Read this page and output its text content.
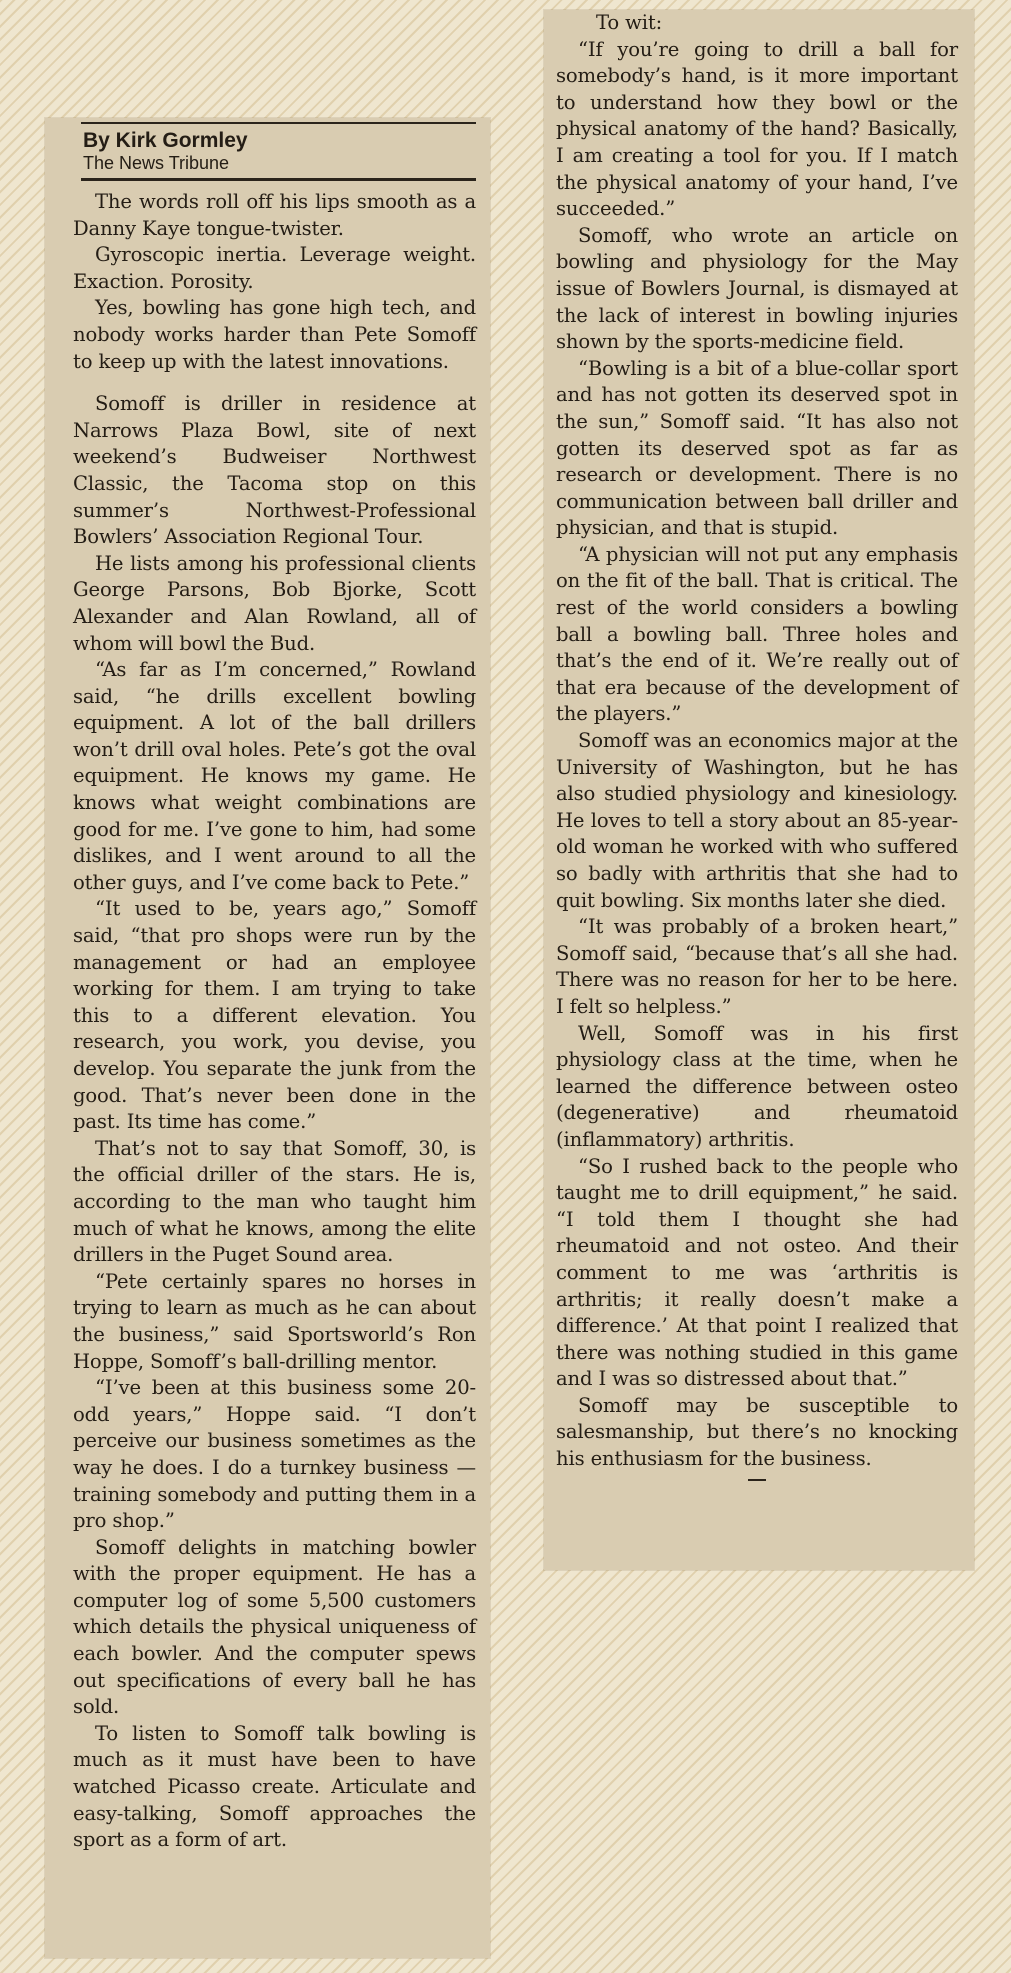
By Kirk Gormley
The News Tribune

The words roll off his lips smooth as a Danny Kaye tongue-twister.

Gyroscopic inertia. Leverage weight. Exaction. Porosity.

Yes, bowling has gone high tech, and nobody works harder than Pete Somoff to keep up with the latest innovations.

Somoff is driller in residence at Narrows Plaza Bowl, site of next weekend’s Budweiser Northwest Classic, the Tacoma stop on this summer’s Northwest-Professional Bowlers’ Association Regional Tour.

He lists among his professional clients George Parsons, Bob Bjorke, Scott Alexander and Alan Rowland, all of whom will bowl the Bud.

“As far as I’m concerned,” Rowland said, “he drills excellent bowling equipment. A lot of the ball drillers won’t drill oval holes. Pete’s got the oval equipment. He knows my game. He knows what weight combinations are good for me. I’ve gone to him, had some dislikes, and I went around to all the other guys, and I’ve come back to Pete.”

“It used to be, years ago,” Somoff said, “that pro shops were run by the management or had an employee working for them. I am trying to take this to a different elevation. You research, you work, you devise, you develop. You separate the junk from the good. That’s never been done in the past. Its time has come.”

That’s not to say that Somoff, 30, is the official driller of the stars. He is, according to the man who taught him much of what he knows, among the elite drillers in the Puget Sound area.

“Pete certainly spares no horses in trying to learn as much as he can about the business,” said Sportsworld’s Ron Hoppe, Somoff’s ball-drilling mentor.

“I’ve been at this business some 20-odd years,” Hoppe said. “I don’t perceive our business sometimes as the way he does. I do a turnkey business — training somebody and putting them in a pro shop.”

Somoff delights in matching bowler with the proper equipment. He has a computer log of some 5,500 customers which details the physical uniqueness of each bowler. And the computer spews out specifications of every ball he has sold.

To listen to Somoff talk bowling is much as it must have been to have watched Picasso create. Articulate and easy-talking, Somoff approaches the sport as a form of art.

To wit:

“If you’re going to drill a ball for somebody’s hand, is it more important to understand how they bowl or the physical anatomy of the hand? Basically, I am creating a tool for you. If I match the physical anatomy of your hand, I’ve succeeded.”

Somoff, who wrote an article on bowling and physiology for the May issue of Bowlers Journal, is dismayed at the lack of interest in bowling injuries shown by the sports-medicine field.

“Bowling is a bit of a blue-collar sport and has not gotten its deserved spot in the sun,” Somoff said. “It has also not gotten its deserved spot as far as research or development. There is no communication between ball driller and physician, and that is stupid.

“A physician will not put any emphasis on the fit of the ball. That is critical. The rest of the world considers a bowling ball a bowling ball. Three holes and that’s the end of it. We’re really out of that era because of the development of the players.”

Somoff was an economics major at the University of Washington, but he has also studied physiology and kinesiology. He loves to tell a story about an 85-year-old woman he worked with who suffered so badly with arthritis that she had to quit bowling. Six months later she died.

“It was probably of a broken heart,” Somoff said, “because that’s all she had. There was no reason for her to be here. I felt so helpless.”

Well, Somoff was in his first physiology class at the time, when he learned the difference between osteo (degenerative) and rheumatoid (inflammatory) arthritis.

“So I rushed back to the people who taught me to drill equipment,” he said. “I told them I thought she had rheumatoid and not osteo. And their comment to me was ‘arthritis is arthritis; it really doesn’t make a difference.’ At that point I realized that there was nothing studied in this game and I was so distressed about that.”

Somoff may be susceptible to salesmanship, but there’s no knocking his enthusiasm for the business.
